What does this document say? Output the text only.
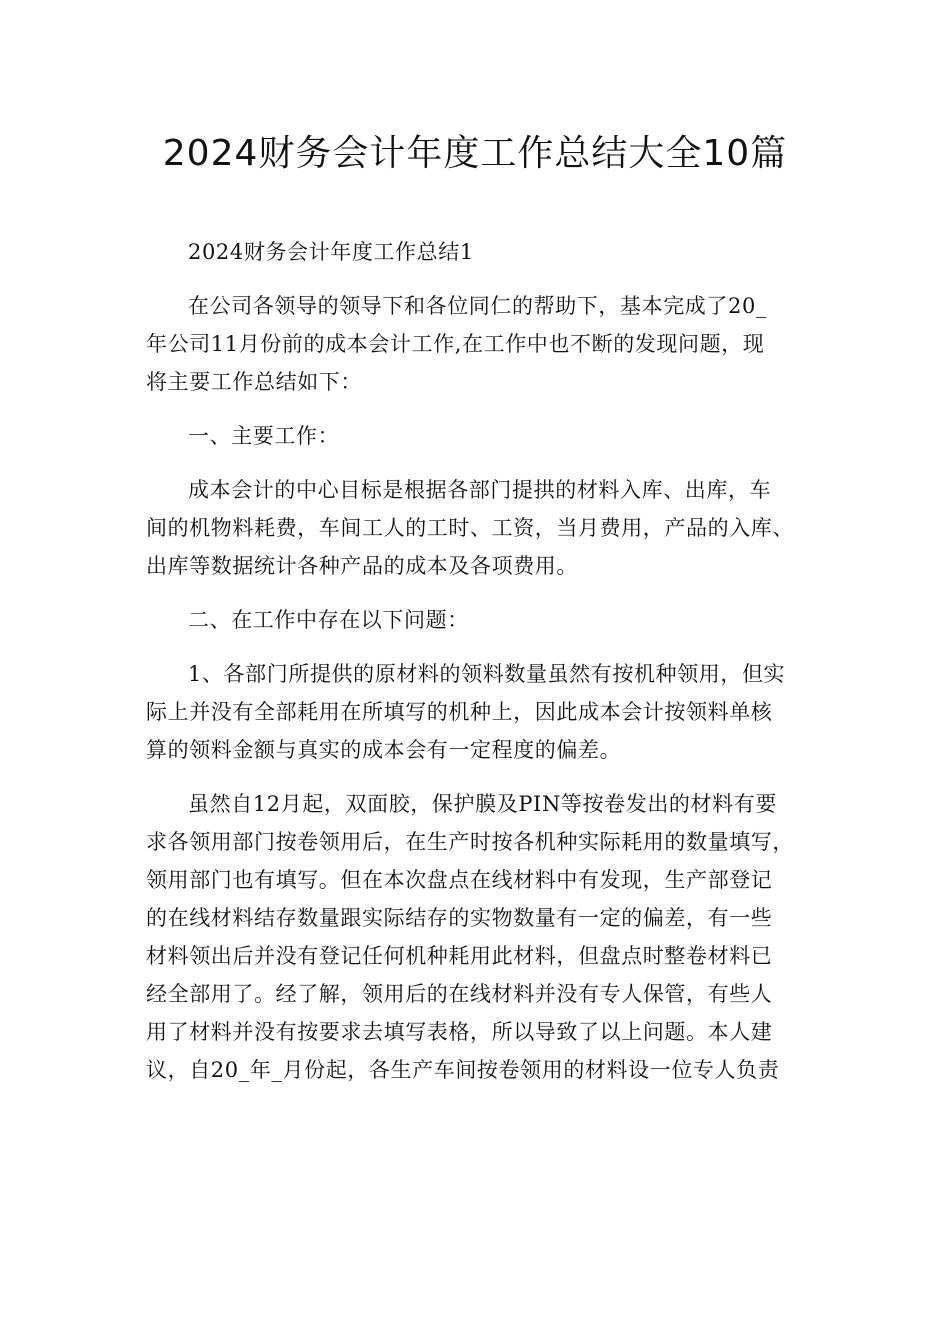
2024财务会计年度工作总结大全10篇
2024财务会计年度工作总结1
在公司各领导的领导下和各位同仁的帮助下，基本完成了20_
年公司11月份前的成本会计工作,在工作中也不断的发现问题，现
将主要工作总结如下：
一、主要工作：
成本会计的中心目标是根据各部门提拱的材料入库、出库，车
间的机物料耗费，车间工人的工时、工资，当月费用，产品的入库、
出库等数据统计各种产品的成本及各项费用。
二、在工作中存在以下问题：
1、各部门所提供的原材料的领料数量虽然有按机种领用，但实
际上并没有全部耗用在所填写的机种上，因此成本会计按领料单核
算的领料金额与真实的成本会有一定程度的偏差。
虽然自12月起，双面胶，保护膜及PIN等按卷发出的材料有要
求各领用部门按卷领用后，在生产时按各机种实际耗用的数量填写，
领用部门也有填写。但在本次盘点在线材料中有发现，生产部登记
的在线材料结存数量跟实际结存的实物数量有一定的偏差，有一些
材料领出后并没有登记任何机种耗用此材料，但盘点时整卷材料已
经全部用了。经了解，领用后的在线材料并没有专人保管，有些人
用了材料并没有按要求去填写表格，所以导致了以上问题。本人建
议，自20_年_月份起，各生产车间按卷领用的材料设一位专人负责
